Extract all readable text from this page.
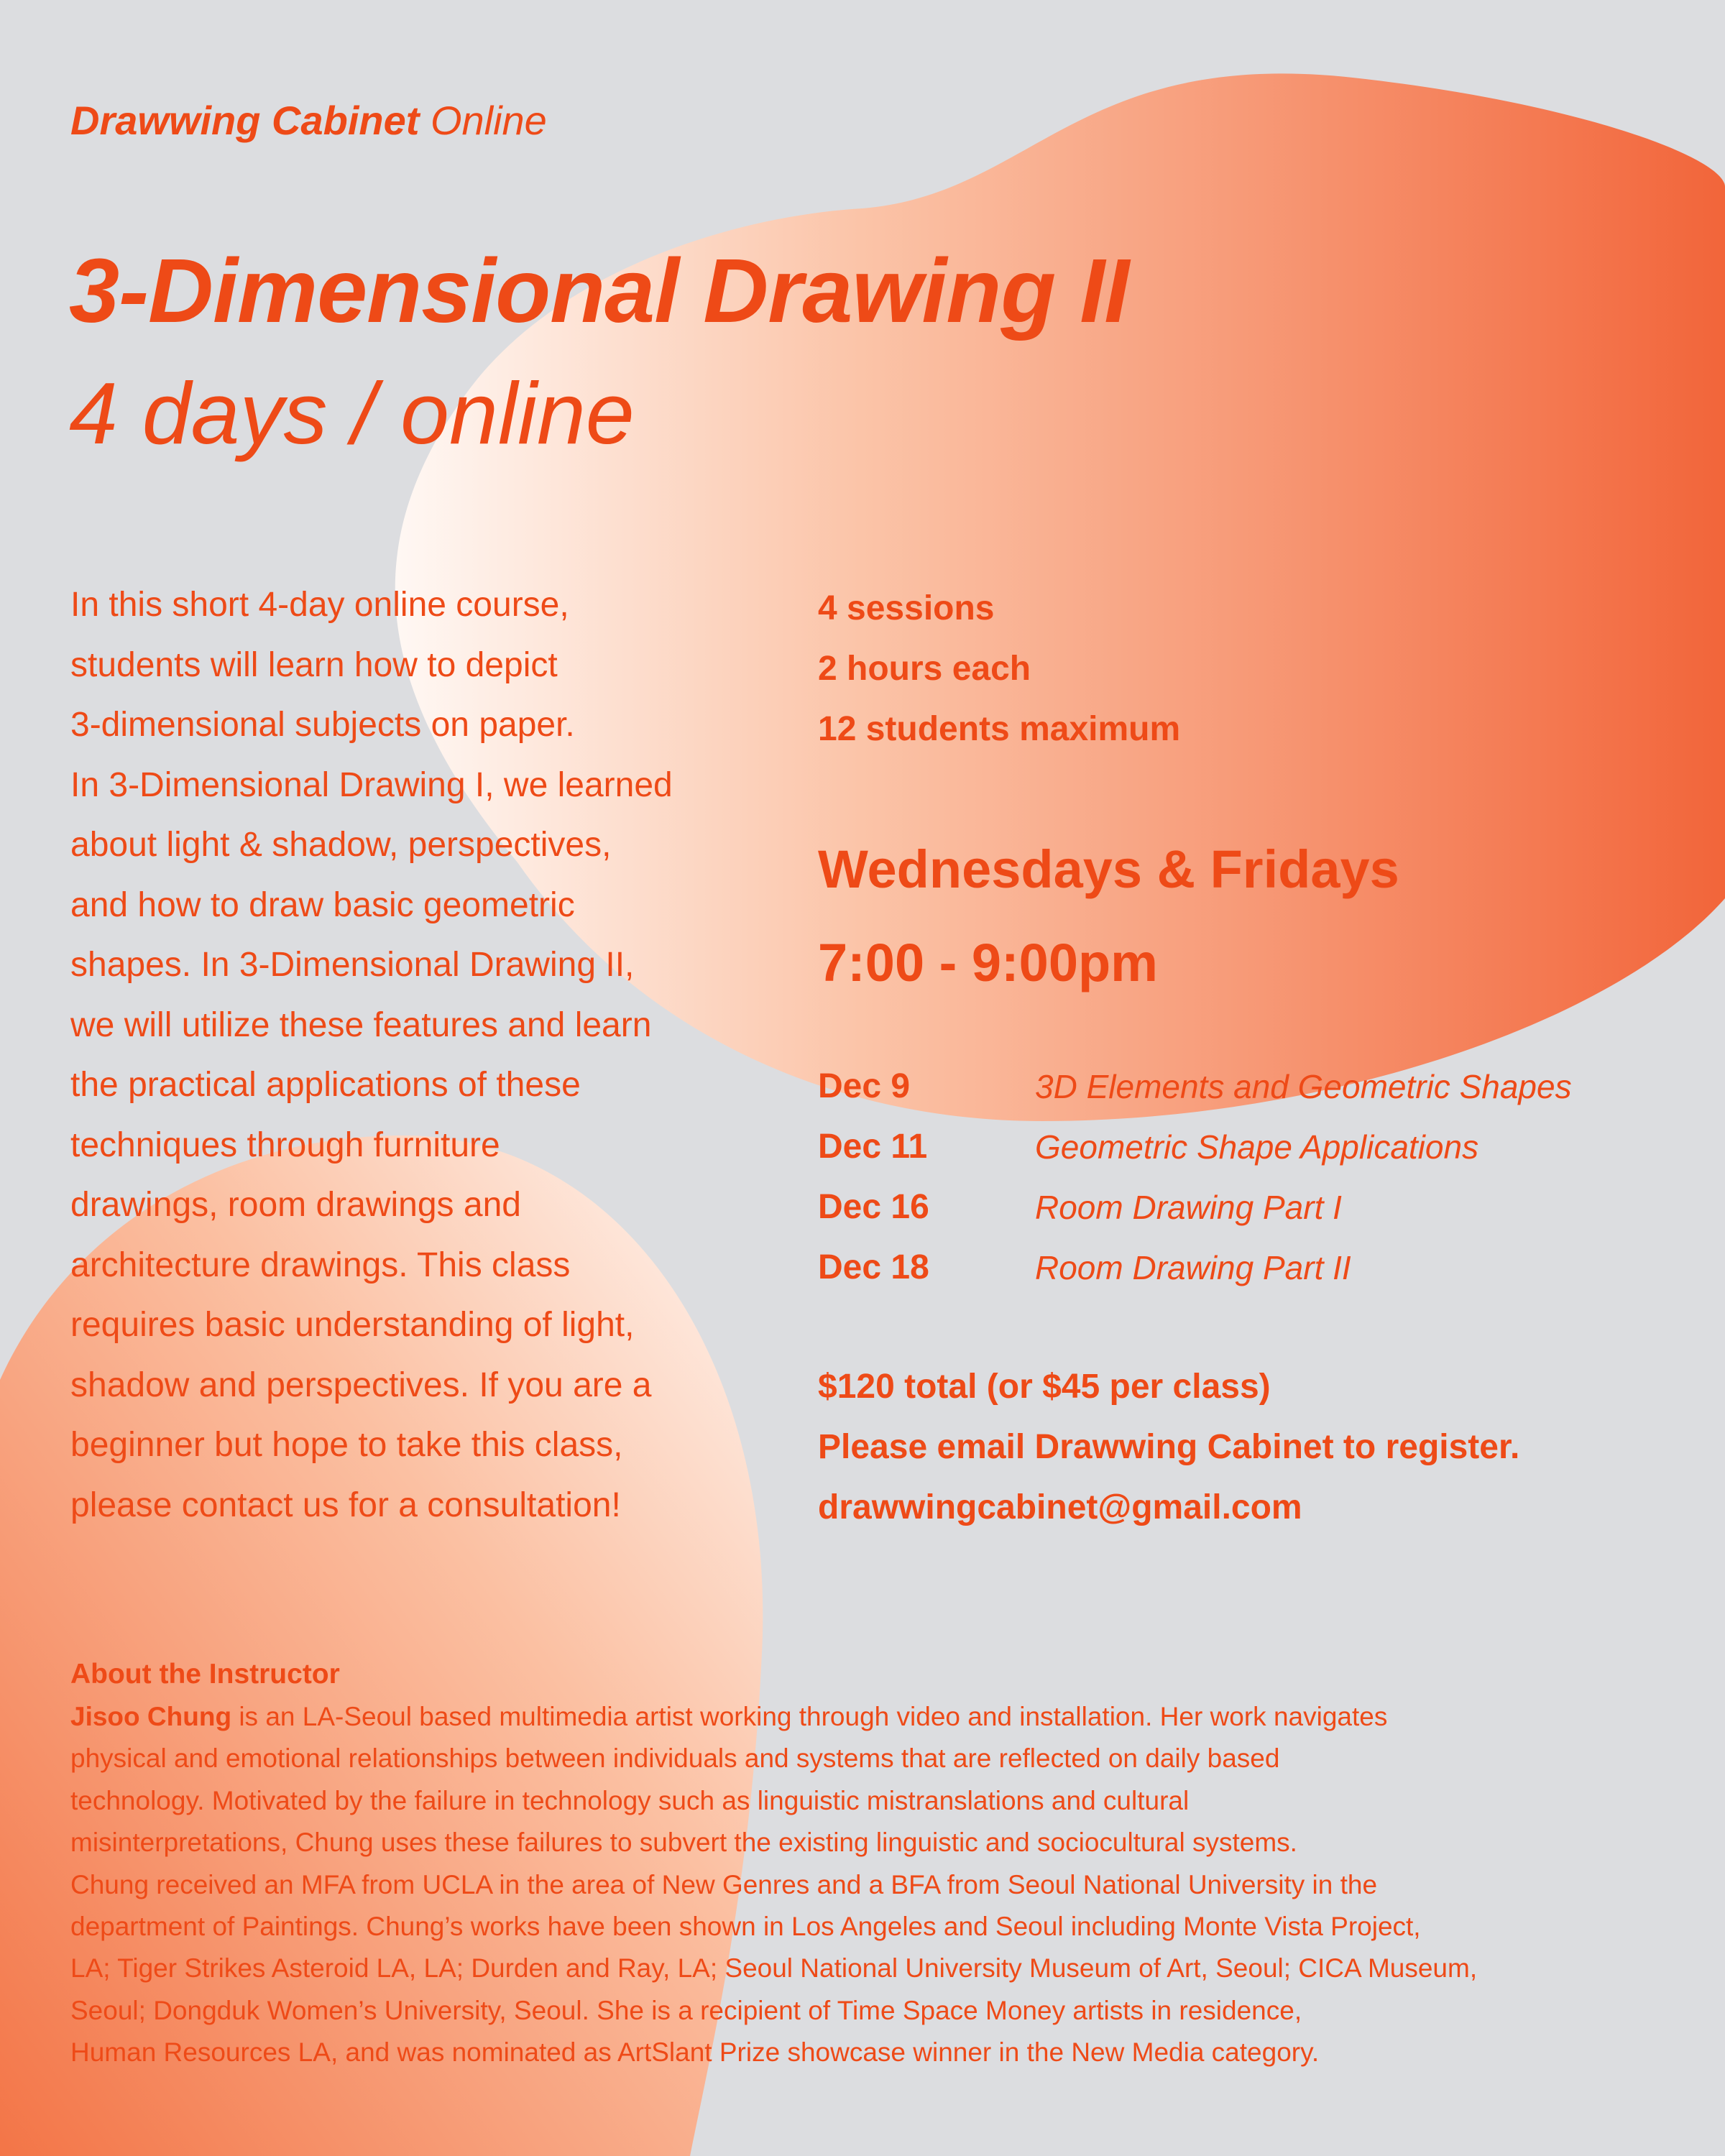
Drawwing Cabinet Online
3-Dimensional Drawing II
4 days / online
In this short 4-day online course,
students will learn how to depict
3-dimensional subjects on paper.
In 3-Dimensional Drawing I, we learned
about light & shadow, perspectives,
and how to draw basic geometric
shapes. In 3-Dimensional Drawing II,
we will utilize these features and learn
the practical applications of these
techniques through furniture
drawings, room drawings and
architecture drawings. This class
requires basic understanding of light,
shadow and perspectives. If you are a
beginner but hope to take this class,
please contact us for a consultation!
4 sessions
2 hours each
12 students maximum
Wednesdays & Fridays
7:00 - 9:00pm
Dec 9	3D Elements and Geometric Shapes
Dec 11	Geometric Shape Applications
Dec 16	Room Drawing Part I
Dec 18	Room Drawing Part II
$120 total (or $45 per class)
Please email Drawwing Cabinet to register.
drawwingcabinet@gmail.com
About the Instructor
Jisoo Chung is an LA-Seoul based multimedia artist working through video and installation. Her work navigates
physical and emotional relationships between individuals and systems that are reflected on daily based
technology. Motivated by the failure in technology such as linguistic mistranslations and cultural
misinterpretations, Chung uses these failures to subvert the existing linguistic and sociocultural systems.
Chung received an MFA from UCLA in the area of New Genres and a BFA from Seoul National University in the
department of Paintings. Chung’s works have been shown in Los Angeles and Seoul including Monte Vista Project,
LA; Tiger Strikes Asteroid LA, LA; Durden and Ray, LA; Seoul National University Museum of Art, Seoul; CICA Museum,
Seoul; Dongduk Women’s University, Seoul. She is a recipient of Time Space Money artists in residence,
Human Resources LA, and was nominated as ArtSlant Prize showcase winner in the New Media category.
